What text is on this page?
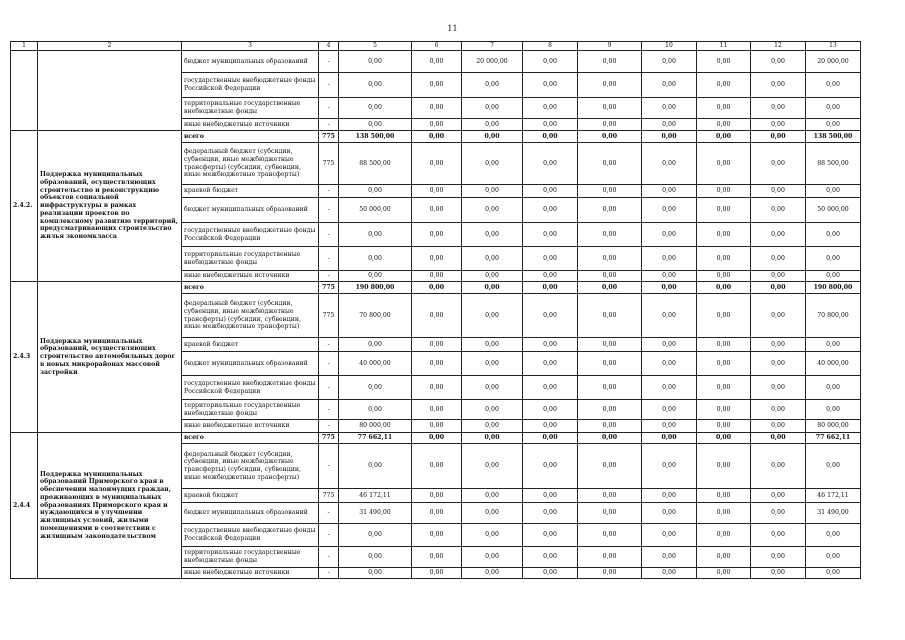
11
1	2	3	4	5	6	7	8	9	10	11	12	13
		бюджет муниципальных образований	-	0,00	0,00	20 000,00	0,00	0,00	0,00	0,00	0,00	20 000,00
		государственные внебюджетные фонды Российской Федерации	-	0,00	0,00	0,00	0,00	0,00	0,00	0,00	0,00	0,00
		территориальные государственные внебюджетные фонды	-	0,00	0,00	0,00	0,00	0,00	0,00	0,00	0,00	0,00
		иные внебюджетные источники	-	0,00	0,00	0,00	0,00	0,00	0,00	0,00	0,00	0,00
2.4.2.	Поддержка муниципальных образований, осуществляющих строительство и реконструкцию объектов социальной инфраструктуры в рамках реализации проектов по комплексному развитию территорий, предусматривающих строительство жилья экономкласса	всего	775	138 500,00	0,00	0,00	0,00	0,00	0,00	0,00	0,00	138 500,00
		федеральный бюджет (субсидии, субвенции, иные межбюджетные трансферты) (субсидии, субвенции, иные межбюджетные трансферты)	775	88 500,00	0,00	0,00	0,00	0,00	0,00	0,00	0,00	88 500,00
		краевой бюджет	-	0,00	0,00	0,00	0,00	0,00	0,00	0,00	0,00	0,00
		бюджет муниципальных образований	-	50 000,00	0,00	0,00	0,00	0,00	0,00	0,00	0,00	50 000,00
		государственные внебюджетные фонды Российской Федерации	-	0,00	0,00	0,00	0,00	0,00	0,00	0,00	0,00	0,00
		территориальные государственные внебюджетные фонды	-	0,00	0,00	0,00	0,00	0,00	0,00	0,00	0,00	0,00
		иные внебюджетные источники	-	0,00	0,00	0,00	0,00	0,00	0,00	0,00	0,00	0,00
2.4.3	Поддержка муниципальных образований, осуществляющих строительство автомобильных дорог в новых микрорайонах массовой застройки	всего	775	190 800,00	0,00	0,00	0,00	0,00	0,00	0,00	0,00	190 800,00
		федеральный бюджет (субсидии, субвенции, иные межбюджетные трансферты) (субсидии, субвенции, иные межбюджетные трансферты)	775	70 800,00	0,00	0,00	0,00	0,00	0,00	0,00	0,00	70 800,00
		краевой бюджет	-	0,00	0,00	0,00	0,00	0,00	0,00	0,00	0,00	0,00
		бюджет муниципальных образований	-	40 000,00	0,00	0,00	0,00	0,00	0,00	0,00	0,00	40 000,00
		государственные внебюджетные фонды Российской Федерации	-	0,00	0,00	0,00	0,00	0,00	0,00	0,00	0,00	0,00
		территориальные государственные внебюджетные фонды	-	0,00	0,00	0,00	0,00	0,00	0,00	0,00	0,00	0,00
		иные внебюджетные источники	-	80 000,00	0,00	0,00	0,00	0,00	0,00	0,00	0,00	80 000,00
2.4.4	Поддержка муниципальных образований Приморского края в обеспечении малоимущих граждан, проживающих в муниципальных образованиях Приморского края и нуждающихся в улучшении жилищных условий, жилыми помещениями в соответствии с жилищным законодательством	всего	775	77 662,11	0,00	0,00	0,00	0,00	0,00	0,00	0,00	77 662,11
		федеральный бюджет (субсидии, субвенции, иные межбюджетные трансферты) (субсидии, субвенции, иные межбюджетные трансферты)	-	0,00	0,00	0,00	0,00	0,00	0,00	0,00	0,00	0,00
		краевой бюджет	775	46 172,11	0,00	0,00	0,00	0,00	0,00	0,00	0,00	46 172,11
		бюджет муниципальных образований	-	31 490,00	0,00	0,00	0,00	0,00	0,00	0,00	0,00	31 490,00
		государственные внебюджетные фонды Российской Федерации	-	0,00	0,00	0,00	0,00	0,00	0,00	0,00	0,00	0,00
		территориальные государственные внебюджетные фонды	-	0,00	0,00	0,00	0,00	0,00	0,00	0,00	0,00	0,00
		иные внебюджетные источники	-	0,00	0,00	0,00	0,00	0,00	0,00	0,00	0,00	0,00
